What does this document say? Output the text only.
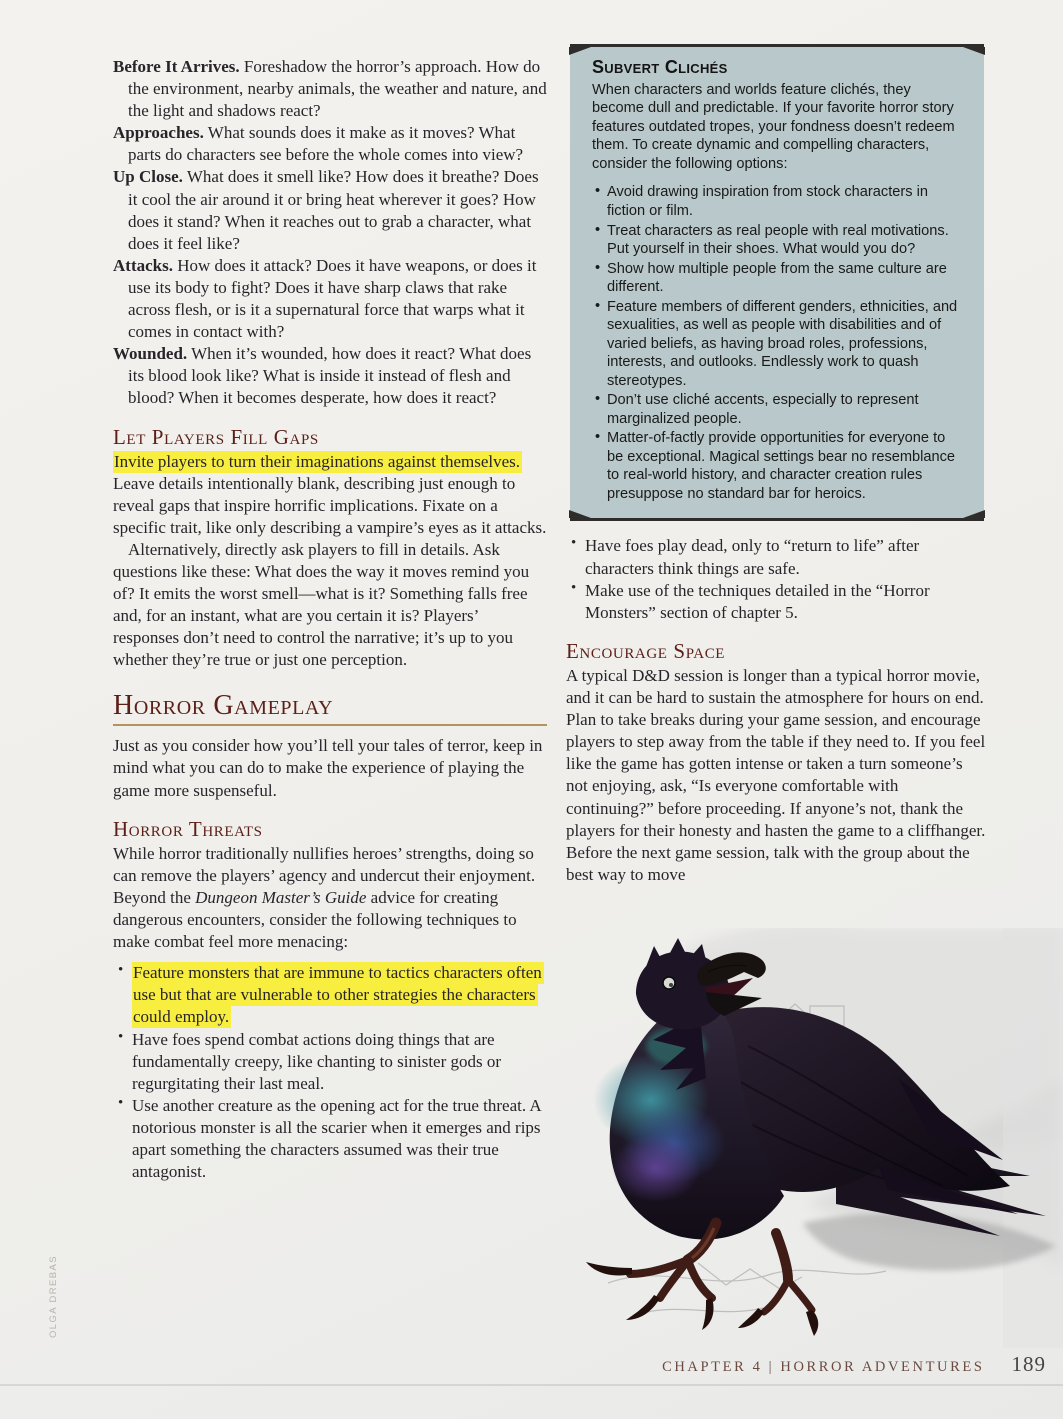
Before It Arrives. Foreshadow the horror’s approach. How do the environment, nearby animals, the weather and nature, and the light and shadows react?

Approaches. What sounds does it make as it moves? What parts do characters see before the whole comes into view?

Up Close. What does it smell like? How does it breathe? Does it cool the air around it or bring heat wherever it goes? How does it stand? When it reaches out to grab a character, what does it feel like?

Attacks. How does it attack? Does it have weapons, or does it use its body to fight? Does it have sharp claws that rake across flesh, or is it a supernatural force that warps what it comes in contact with?

Wounded. When it’s wounded, how does it react? What does its blood look like? What is inside it instead of flesh and blood? When it becomes desperate, how does it react?

Let Players Fill Gaps

Invite players to turn their imaginations against themselves. Leave details intentionally blank, describing just enough to reveal gaps that inspire horrific implications. Fixate on a specific trait, like only describing a vampire’s eyes as it attacks.

Alternatively, directly ask players to fill in details. Ask questions like these: What does the way it moves remind you of? It emits the worst smell—what is it? Something falls free and, for an instant, what are you certain it is? Players’ responses don’t need to control the narrative; it’s up to you whether they’re true or just one perception.

Horror Gameplay

Just as you consider how you’ll tell your tales of terror, keep in mind what you can do to make the experience of playing the game more suspenseful.

Horror Threats

While horror traditionally nullifies heroes’ strengths, doing so can remove the players’ agency and undercut their enjoyment. Beyond the Dungeon Master’s Guide advice for creating dangerous encounters, consider the following techniques to make combat feel more menacing:

• Feature monsters that are immune to tactics characters often use but that are vulnerable to other strategies the characters could employ.
• Have foes spend combat actions doing things that are fundamentally creepy, like chanting to sinister gods or regurgitating their last meal.
• Use another creature as the opening act for the true threat. A notorious monster is all the scarier when it emerges and rips apart something the characters assumed was their true antagonist.
Subvert Clichés

When characters and worlds feature clichés, they become dull and predictable. If your favorite horror story features outdated tropes, your fondness doesn’t redeem them. To create dynamic and compelling characters, consider the following options:

• Avoid drawing inspiration from stock characters in fiction or film.
• Treat characters as real people with real motivations. Put yourself in their shoes. What would you do?
• Show how multiple people from the same culture are different.
• Feature members of different genders, ethnicities, and sexualities, as well as people with disabilities and of varied beliefs, as having broad roles, professions, interests, and outlooks. Endlessly work to quash stereotypes.
• Don’t use cliché accents, especially to represent marginalized people.
• Matter-of-factly provide opportunities for everyone to be exceptional. Magical settings bear no resemblance to real-world history, and character creation rules presuppose no standard bar for heroics.
• Have foes play dead, only to “return to life” after characters think things are safe.
• Make use of the techniques detailed in the “Horror Monsters” section of chapter 5.
Encourage Space

A typical D&D session is longer than a typical horror movie, and it can be hard to sustain the atmosphere for hours on end. Plan to take breaks during your game session, and encourage players to step away from the table if they need to. If you feel like the game has gotten intense or taken a turn someone’s not enjoying, ask, “Is everyone comfortable with continuing?” before proceeding. If anyone’s not, thank the players for their honesty and hasten the game to a cliffhanger. Before the next game session, talk with the group about the best way to move

OLGA DREBAS
CHAPTER 4 | HORROR ADVENTURES 189
